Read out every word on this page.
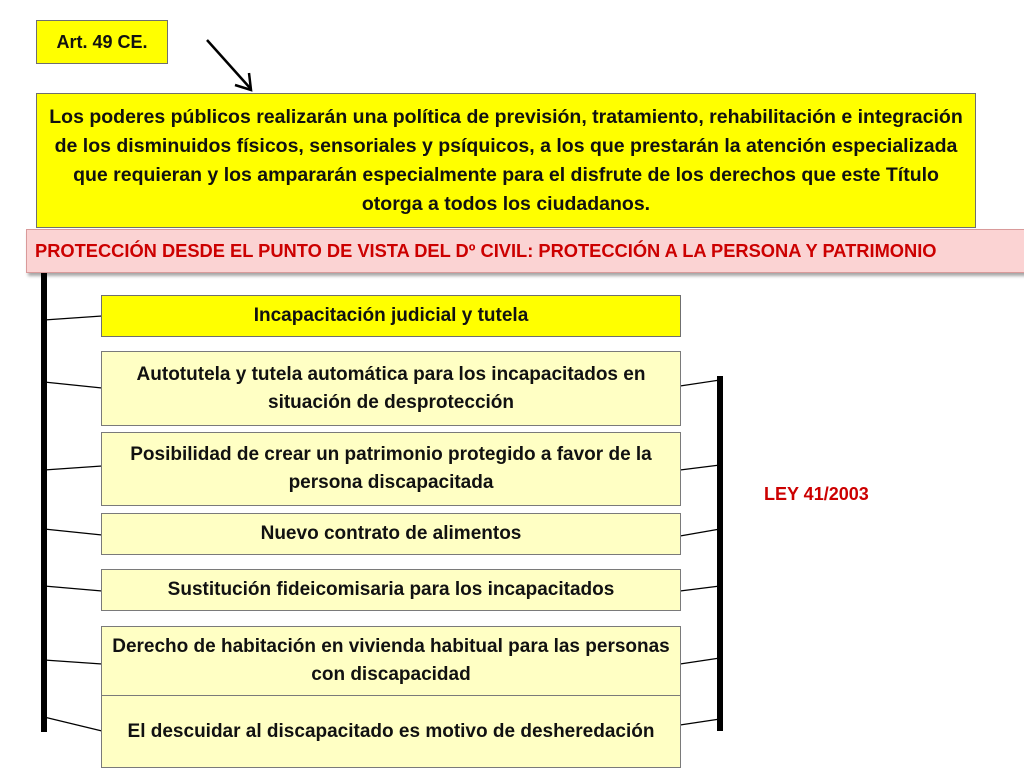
Art. 49 CE.
Los poderes públicos realizarán una política de previsión, tratamiento, rehabilitación e integración de los disminuidos físicos, sensoriales y psíquicos, a los que prestarán la atención especializada que requieran y los ampararán especialmente para el disfrute de los derechos que este Título otorga a todos los ciudadanos.
PROTECCIÓN DESDE EL PUNTO DE VISTA DEL Dº CIVIL: PROTECCIÓN A LA PERSONA Y PATRIMONIO
Incapacitación judicial y tutela
Autotutela y tutela automática para los incapacitados en situación de desprotección
Posibilidad de crear un patrimonio protegido a favor de la persona discapacitada
Nuevo contrato de alimentos
Sustitución fideicomisaria para los incapacitados
Derecho de habitación en vivienda habitual para las personas con discapacidad
El descuidar al discapacitado es motivo de desheredación
LEY 41/2003
